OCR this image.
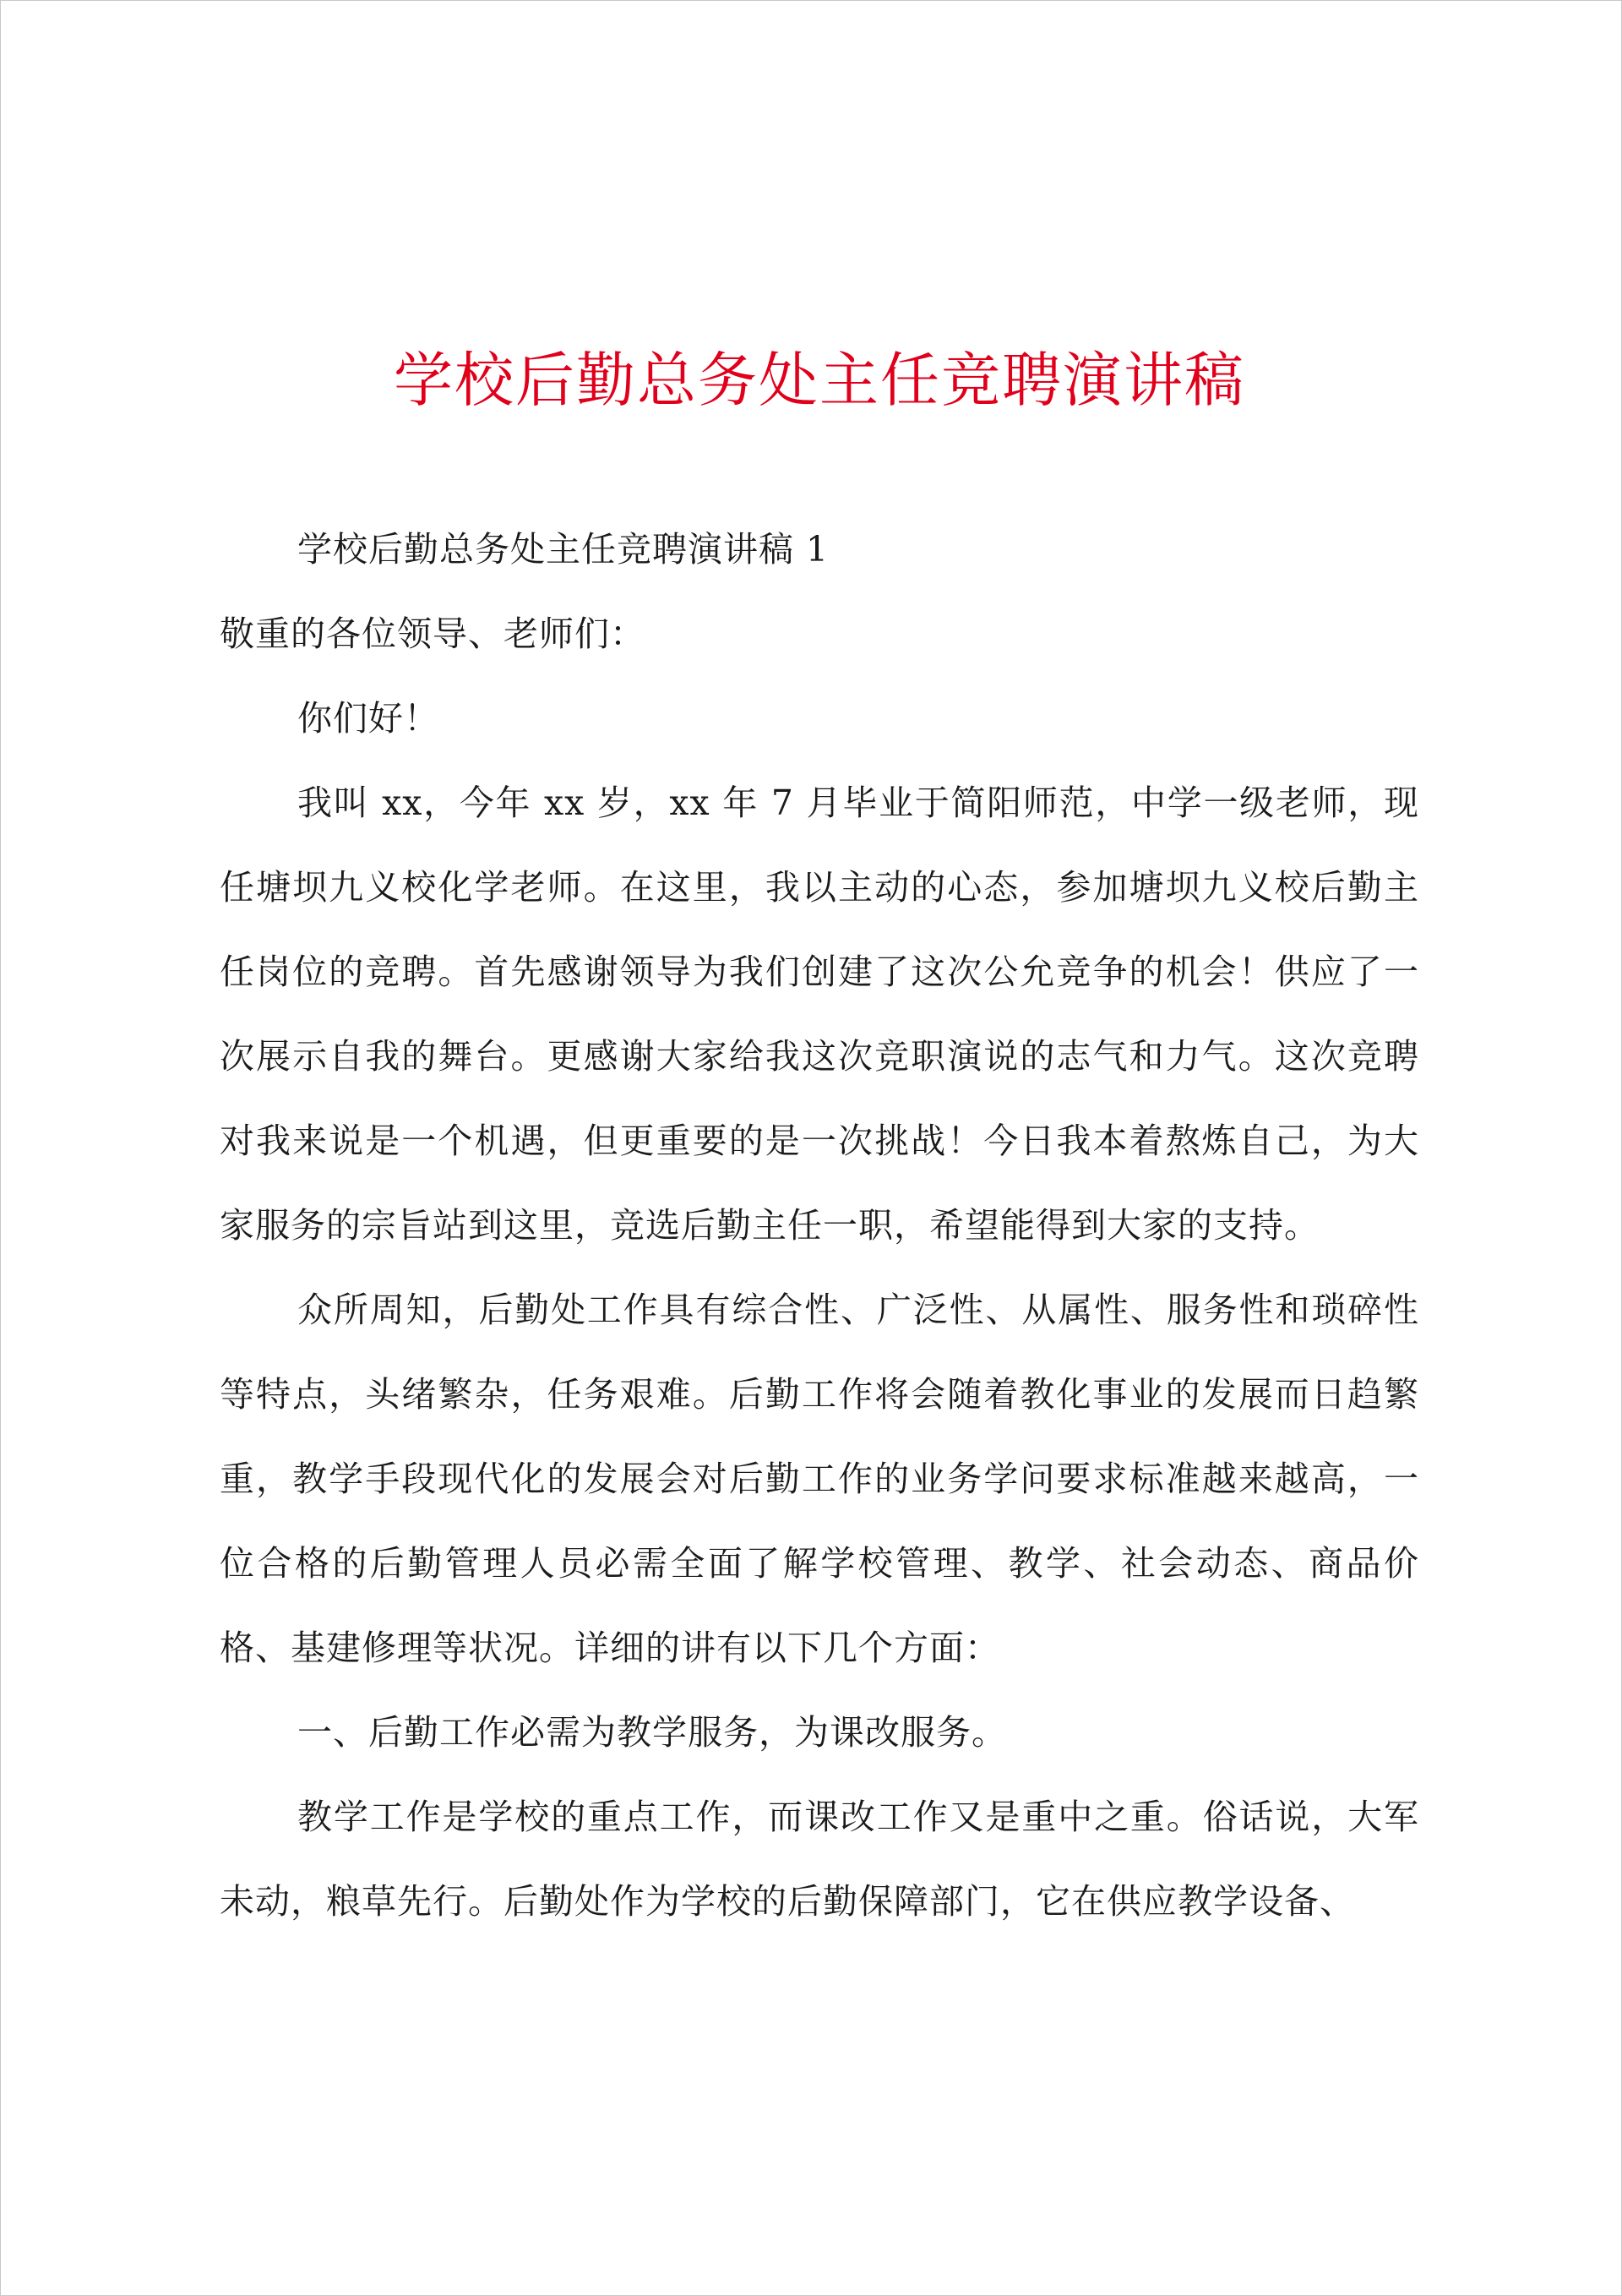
学校后勤总务处主任竞聘演讲稿

学校后勤总务处主任竞聘演讲稿 1

敬重的各位领导、老师们：

你们好！

我叫 xx，今年 xx 岁，xx 年 7 月毕业于简阳师范，中学一级老师，现任塘坝九义校化学老师。在这里，我以主动的心态，参加塘坝九义校后勤主任岗位的竞聘。首先感谢领导为我们创建了这次公允竞争的机会！供应了一次展示自我的舞台。更感谢大家给我这次竞职演说的志气和力气。这次竞聘对我来说是一个机遇，但更重要的是一次挑战！今日我本着熬炼自己，为大家服务的宗旨站到这里，竞选后勤主任一职，希望能得到大家的支持。

众所周知，后勤处工作具有综合性、广泛性、从属性、服务性和琐碎性等特点，头绪繁杂，任务艰难。后勤工作将会随着教化事业的发展而日趋繁重，教学手段现代化的发展会对后勤工作的业务学问要求标准越来越高，一位合格的后勤管理人员必需全面了解学校管理、教学、社会动态、商品价格、基建修理等状况。详细的讲有以下几个方面：

一、后勤工作必需为教学服务，为课改服务。

教学工作是学校的重点工作，而课改工作又是重中之重。俗话说，大军未动，粮草先行。后勤处作为学校的后勤保障部门，它在供应教学设备、
